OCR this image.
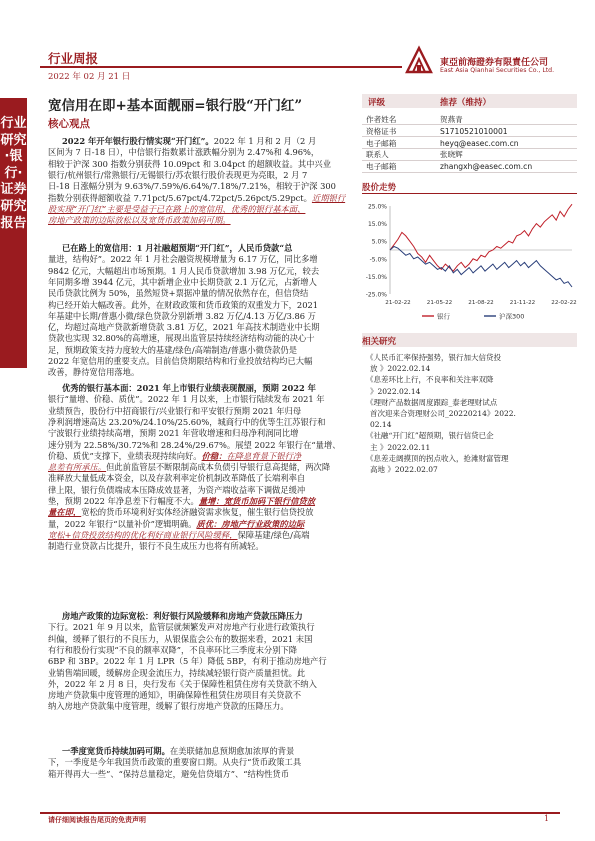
行业研究·银行·证券研究报告
行业周报
2022 年 02 月 21 日
東亞前海證券有限責任公司
East Asia Qianhai Securities Co., Ltd.
宽信用在即+基本面靓丽=银行股“开门红”
核心观点
2022 年开年银行股行情实现“开门红”。2022 年 1 月和 2 月（2 月
区间为 7 日-18 日），中信银行指数累计涨跌幅分别为 2.47%和 4.96%，
相较于沪深 300 指数分别获得 10.09pct 和 3.04pct 的超额收益。其中兴业
银行/杭州银行/常熟银行/无锡银行/苏农银行股价表现更为亮眼，2 月 7
日-18 日涨幅分别为 9.63%/7.59%/6.64%/7.18%/7.21%，相较于沪深 300
指数分别获得超额收益 7.71pct/5.67pct/4.72pct/5.26pct/5.29pct。近期银行
股实现“开门红”主要是受益于已在路上的宽信用、优秀的银行基本面、
房地产政策的边际放松以及宽货币政策加码可期。
已在路上的宽信用：1 月社融超预期“开门红”，人民币贷款“总
量进，结构好”。2022 年 1 月社会融资规模增量为 6.17 万亿，同比多增
9842 亿元，大幅超出市场预期。1 月人民币贷款增加 3.98 万亿元，较去
年同期多增 3944 亿元，其中新增企业中长期贷款 2.1 万亿元，占新增人
民币贷款比例为 50%，虽然短贷+票据冲量的情况依然存在，但信贷结
构已经开始大幅改善。此外，在财政政策和货币政策的双重发力下，2021
年基建中长期/普惠小微/绿色贷款分别新增 3.82 万亿/4.13 万亿/3.86 万
亿，均超过高地产贷款新增贷款 3.81 万亿，2021 年高技术制造业中长期
贷款也实现 32.80%的高增速，展现出监管层持续经济结构动能的决心十
足，预期政策支持力度较大的基建/绿色/高端制造/普惠小微贷款仍是
2022 年宽信用的重要支点。目前信贷期限结构和行业投放结构均已大幅
改善，静待宽信用落地。
优秀的银行基本面：2021 年上市银行业绩表现靓丽，预期 2022 年
银行“量增、价稳、质优”。2022 年 1 月以来，上市银行陆续发布 2021 年
业绩预告，股份行中招商银行/兴业银行和平安银行预期 2021 年归母
净利润增速高达 23.20%/24.10%/25.60%，城商行中的优等生江苏银行和
宁波银行业绩持续高增，预期 2021 年营收增速和归母净利润同比增
速分别为 22.58%/30.72%和 28.24%/29.67%。展望 2022 年银行在“量增、
价稳、质优”支撑下，业绩表现持续向好。价稳：在降息背景下银行净
息差有所承压。但此前监管层不断限制高成本负债引导银行息高提储，两次降
准释放大量低成本资金，以及存款利率定价机制改革降低了长端利率自
律上限，银行负债端成本压降成效显著，为资产端收益率下调做足缓冲
垫，预期 2022 年净息差下行幅度不大。量增：宽货币加码下银行信贷放
量在即，宽松的货币环境利好实体经济融资需求恢复，催生银行信贷投放
量，2022 年银行“以量补价”逻辑明确。质优：房地产行业政策的边际
宽松+信贷投放结构的优化利好商业银行风险缓释，保障基建/绿色/高端
制造行业贷款占比提升，银行不良生成压力也将有所减轻。
房地产政策的边际宽松：利好银行风险缓释和房地产贷款压降压力
下行。2021 年 9 月以来，监管层就频繁发声对房地产行业进行政策执行
纠偏，缓释了银行的不良压力，从银保监会公布的数据来看，2021 末国
有行和股份行实现“不良的额率双降”，不良率环比三季度末分别下降
6BP 和 3BP。2022 年 1 月 LPR（5 年）降低 5BP，有利于推动房地产行
业销售端回暖，缓解房企现金流压力，持续减轻银行资产质量担忧。此
外，2022 年 2 月 8 日，央行发布《关于保障性租赁住房有关贷款不纳入
房地产贷款集中度管理的通知》，明确保障性租赁住房项目有关贷款不
纳入房地产贷款集中度管理，缓解了银行房地产贷款的压降压力。
一季度宽货币持续加码可期。在美联储加息预期愈加浓厚的背景
下，一季度是今年我国货币政策的重要窗口期。从央行“货币政策工具
箱开得再大一些”、“保持总量稳定，避免信贷塌方”、“结构性货币
评级	推荐（维持）
作者姓名	贺燕青
资格证书	S1710521010001
电子邮箱	heyq@easec.com.cn
联系人	张晓辉
电子邮箱	zhangxh@easec.com.cn
股价走势
25.0%
15.0%
5.0%
-5.0%
-15.0%
-25.0%
21-02-22	21-05-22	21-08-22	21-11-22	22-02-22
银行	沪深300
相关研究
《人民币汇率保持强势，银行加大信贷投
放 》2022.02.14
《息差环比上行，不良率和关注率双降
》2022.02.14
《理财产品数据周度跟踪_泰老理财试点
首次迎来合资理财公司_20220214》2022.
02.14
《社融“开门红”超预期，银行信贷已企
主 》2022.02.11
《息差走阔摸顶的拐点收入，抢滩财富管理
高地 》2022.02.07
请仔细阅读报告尾页的免责声明	1
